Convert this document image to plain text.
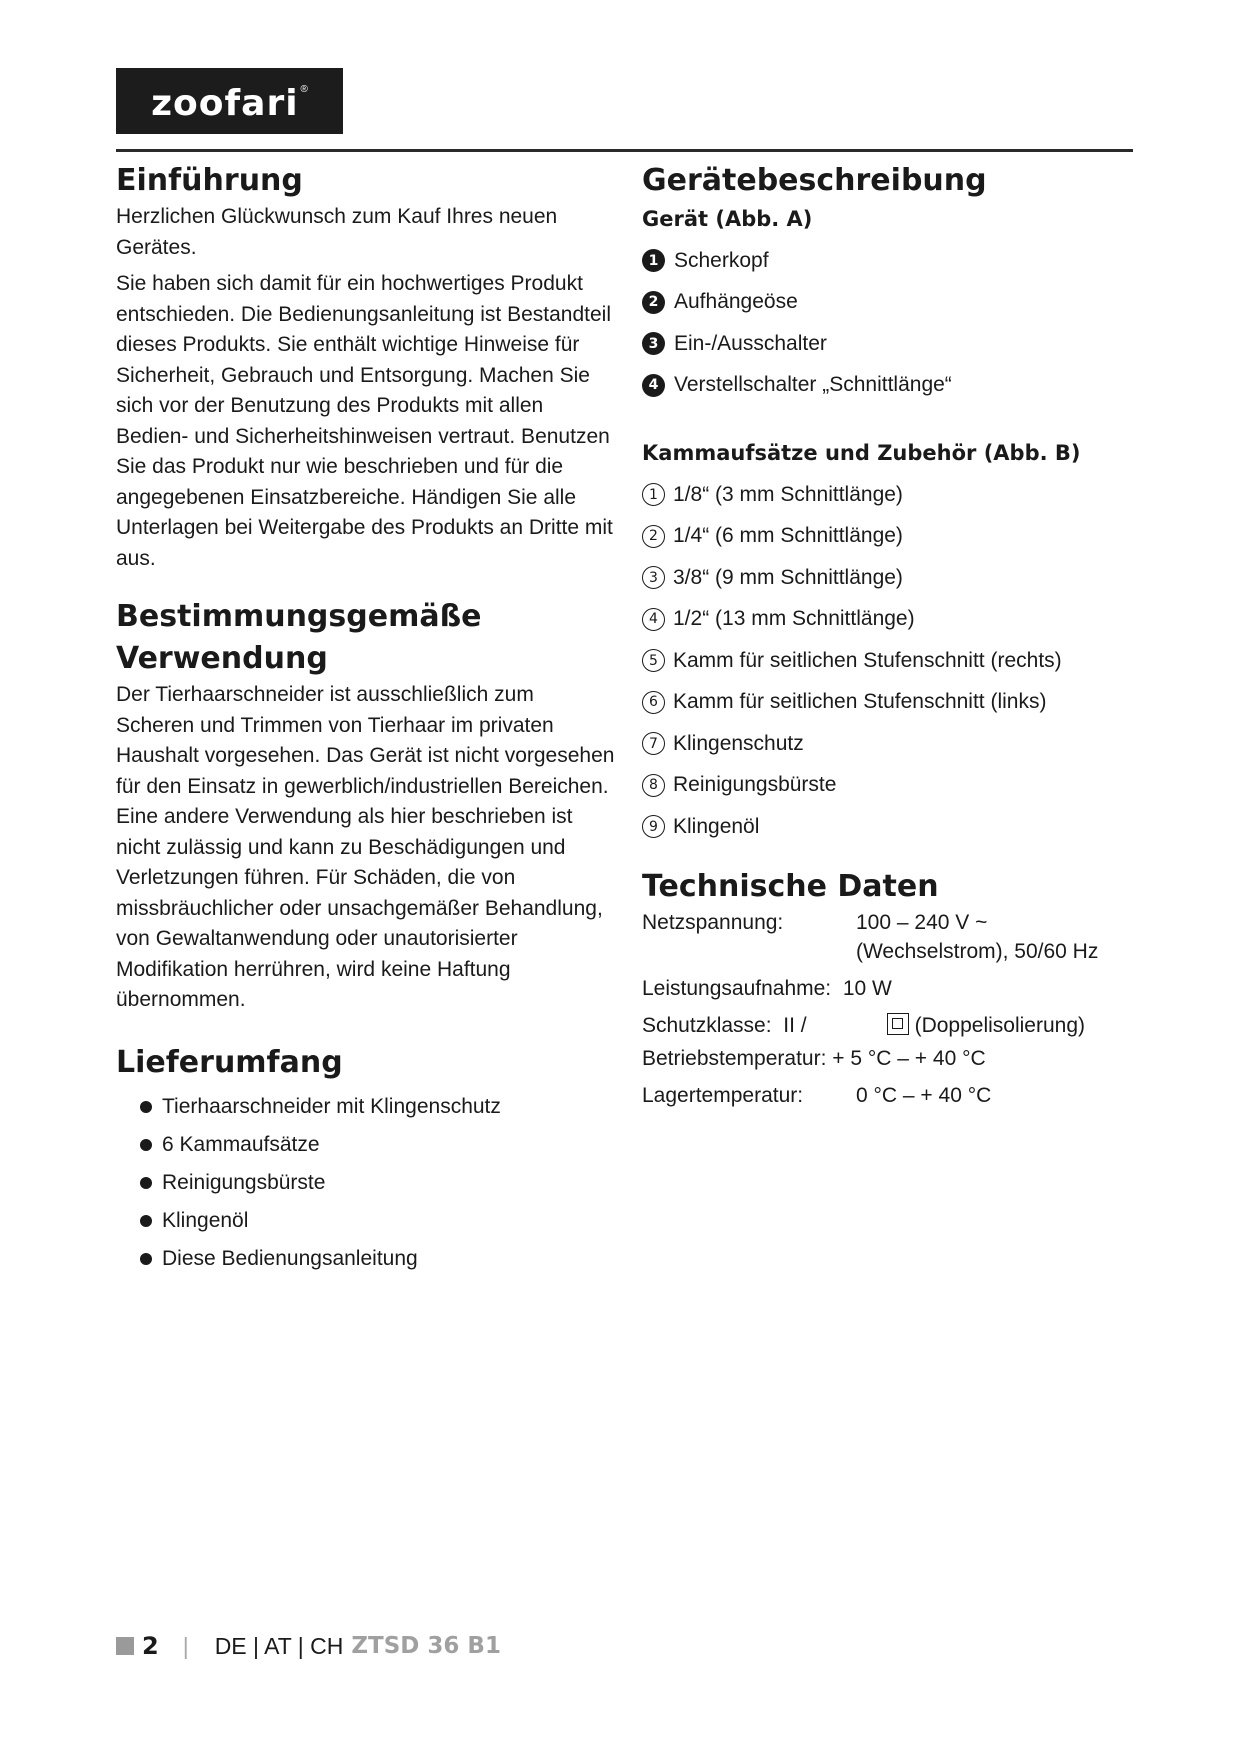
zoofari ®
Einführung

Herzlichen Glückwunsch zum Kauf Ihres neuen Gerätes.

Sie haben sich damit für ein hochwertiges Produkt entschieden. Die Bedienungsanleitung ist Bestandteil dieses Produkts. Sie enthält wichtige Hinweise für Sicherheit, Gebrauch und Entsorgung. Machen Sie sich vor der Benutzung des Produkts mit allen Bedien- und Sicherheitshinweisen vertraut. Benutzen Sie das Produkt nur wie beschrieben und für die angegebenen Einsatzbereiche. Händigen Sie alle Unterlagen bei Weitergabe des Produkts an Dritte mit aus.

Bestimmungsgemäße
Verwendung

Der Tierhaarschneider ist ausschließlich zum Scheren und Trimmen von Tierhaar im privaten Haushalt vorgesehen. Das Gerät ist nicht vorgesehen für den Einsatz in gewerblich/industriellen Bereichen. Eine andere Verwendung als hier beschrieben ist nicht zulässig und kann zu Beschädigungen und Verletzungen führen. Für Schäden, die von missbräuchlicher oder unsachgemäßer Behandlung, von Gewaltanwendung oder unautorisierter Modifikation herrühren, wird keine Haftung übernommen.

Lieferumfang
Tierhaarschneider mit Klingenschutz
6 Kammaufsätze
Reinigungsbürste
Klingenöl
Diese Bedienungsanleitung
Gerätebeschreibung
Gerät (Abb. A)
1 Scherkopf
2 Aufhängeöse
3 Ein-/Ausschalter
4 Verstellschalter „Schnittlänge“
Kammaufsätze und Zubehör (Abb. B)
1 1/8“ (3 mm Schnittlänge)
2 1/4“ (6 mm Schnittlänge)
3 3/8“ (9 mm Schnittlänge)
4 1/2“ (13 mm Schnittlänge)
5 Kamm für seitlichen Stufenschnitt (rechts)
6 Kamm für seitlichen Stufenschnitt (links)
7 Klingenschutz
8 Reinigungsbürste
9 Klingenöl
Technische Daten
Netzspannung:	100 – 240 V ~
(Wechselstrom), 50/60 Hz
Leistungsaufnahme: 10 W	
Schutzklasse: II / (Doppelisolierung)	
Betriebstemperatur: + 5 °C – + 40 °C	
Lagertemperatur:	0 °C – + 40 °C
2 | DE | AT | CH ZTSD 36 B1
